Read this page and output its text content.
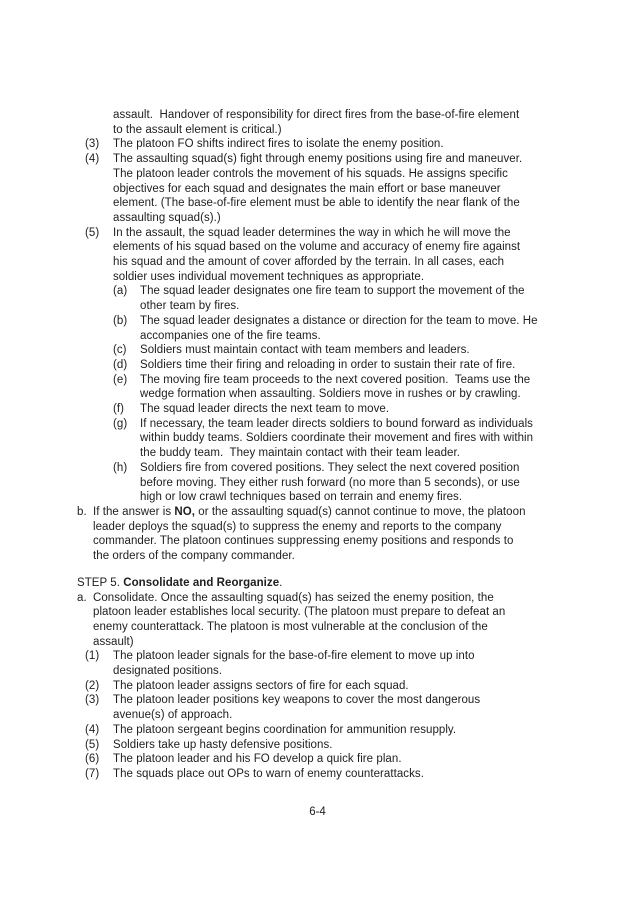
assault.  Handover of responsibility for direct fires from the base-of-fire element
to the assault element is critical.)
(3)	The platoon FO shifts indirect fires to isolate the enemy position.
(4)	The assaulting squad(s) fight through enemy positions using fire and maneuver.
The platoon leader controls the movement of his squads. He assigns specific
objectives for each squad and designates the main effort or base maneuver
element. (The base-of-fire element must be able to identify the near flank of the
assaulting squad(s).)
(5)	In the assault, the squad leader determines the way in which he will move the
elements of his squad based on the volume and accuracy of enemy fire against
his squad and the amount of cover afforded by the terrain. In all cases, each
soldier uses individual movement techniques as appropriate.
(a)	The squad leader designates one fire team to support the movement of the
other team by fires.
(b)	The squad leader designates a distance or direction for the team to move. He
accompanies one of the fire teams.
(c)	Soldiers must maintain contact with team members and leaders.
(d)	Soldiers time their firing and reloading in order to sustain their rate of fire.
(e)	The moving fire team proceeds to the next covered position.  Teams use the
wedge formation when assaulting. Soldiers move in rushes or by crawling.
(f)	The squad leader directs the next team to move.
(g)	If necessary, the team leader directs soldiers to bound forward as individuals
within buddy teams. Soldiers coordinate their movement and fires with within
the buddy team.  They maintain contact with their team leader.
(h)	Soldiers fire from covered positions. They select the next covered position
before moving. They either rush forward (no more than 5 seconds), or use
high or low crawl techniques based on terrain and enemy fires.
b. If the answer is NO, or the assaulting squad(s) cannot continue to move, the platoon
leader deploys the squad(s) to suppress the enemy and reports to the company
commander. The platoon continues suppressing enemy positions and responds to
the orders of the company commander.
STEP 5. Consolidate and Reorganize.
a. Consolidate. Once the assaulting squad(s) has seized the enemy position, the
platoon leader establishes local security. (The platoon must prepare to defeat an
enemy counterattack. The platoon is most vulnerable at the conclusion of the
assault)
(1)	The platoon leader signals for the base-of-fire element to move up into
designated positions.
(2)	The platoon leader assigns sectors of fire for each squad.
(3)	The platoon leader positions key weapons to cover the most dangerous
avenue(s) of approach.
(4)	The platoon sergeant begins coordination for ammunition resupply.
(5)	Soldiers take up hasty defensive positions.
(6)	The platoon leader and his FO develop a quick fire plan.
(7)	The squads place out OPs to warn of enemy counterattacks.
6-4
